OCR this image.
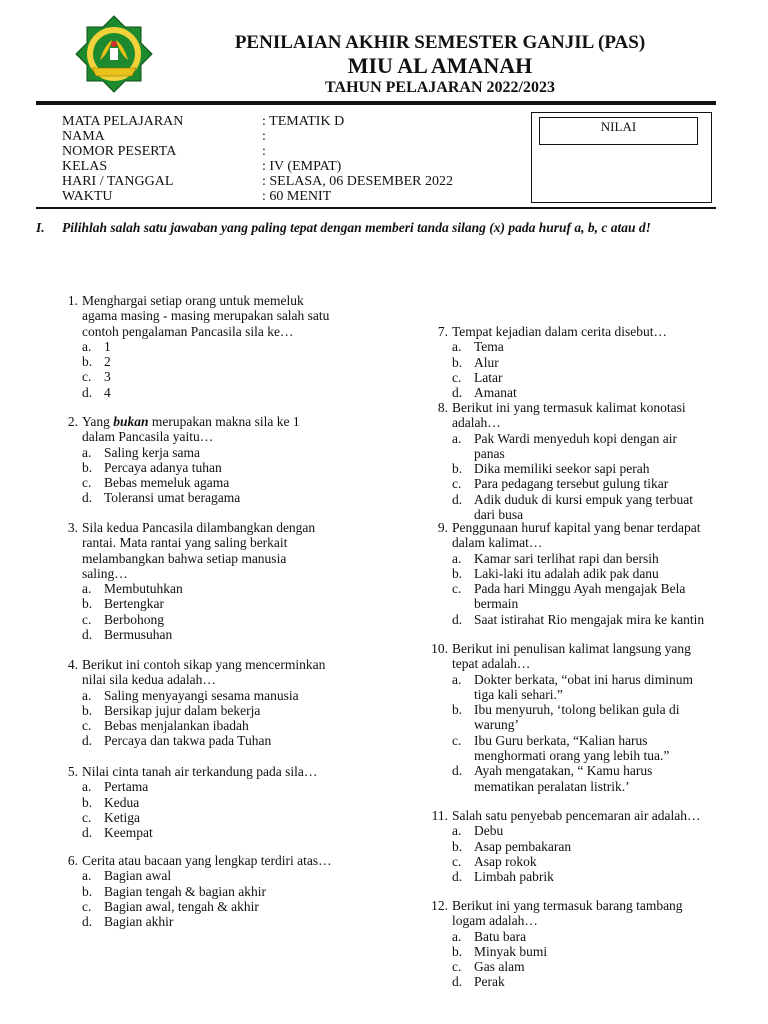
PENILAIAN AKHIR SEMESTER GANJIL (PAS)
MIU AL AMANAH
TAHUN PELAJARAN 2022/2023
MATA PELAJARAN	: TEMATIK D
NAMA	:
NOMOR PESERTA	:
KELAS	: IV (EMPAT)
HARI / TANGGAL	: SELASA, 06 DESEMBER 2022
WAKTU	: 60 MENIT
NILAI
I. Pilihlah salah satu jawaban yang paling tepat dengan memberi tanda silang (x) pada huruf a, b, c atau d!
1. Menghargai setiap orang untuk memeluk
agama masing - masing merupakan salah satu
contoh pengalaman Pancasila sila ke…
a. 1
b. 2
c. 3
d. 4
2. Yang bukan merupakan makna sila ke 1
dalam Pancasila yaitu…
a. Saling kerja sama
b. Percaya adanya tuhan
c. Bebas memeluk agama
d. Toleransi umat beragama
3. Sila kedua Pancasila dilambangkan dengan
rantai. Mata rantai yang saling berkait
melambangkan bahwa setiap manusia
saling…
a. Membutuhkan
b. Bertengkar
c. Berbohong
d. Bermusuhan
4. Berikut ini contoh sikap yang mencerminkan
nilai sila kedua adalah…
a. Saling menyayangi sesama manusia
b. Bersikap jujur dalam bekerja
c. Bebas menjalankan ibadah
d. Percaya dan takwa pada Tuhan
5. Nilai cinta tanah air terkandung pada sila…
a. Pertama
b. Kedua
c. Ketiga
d. Keempat
6. Cerita atau bacaan yang lengkap terdiri atas…
a. Bagian awal
b. Bagian tengah & bagian akhir
c. Bagian awal, tengah & akhir
d. Bagian akhir
7. Tempat kejadian dalam cerita disebut…
a. Tema
b. Alur
c. Latar
d. Amanat
8. Berikut ini yang termasuk kalimat konotasi
adalah…
a. Pak Wardi menyeduh kopi dengan air
panas
b. Dika memiliki seekor sapi perah
c. Para pedagang tersebut gulung tikar
d. Adik duduk di kursi empuk yang terbuat
dari busa
9. Penggunaan huruf kapital yang benar terdapat
dalam kalimat…
a. Kamar sari terlihat rapi dan bersih
b. Laki-laki itu adalah adik pak danu
c. Pada hari Minggu Ayah mengajak Bela
bermain
d. Saat istirahat Rio mengajak mira ke kantin
10. Berikut ini penulisan kalimat langsung yang
tepat adalah…
a. Dokter berkata, “obat ini harus diminum
tiga kali sehari.”
b. Ibu menyuruh, ‘tolong belikan gula di
warung’
c. Ibu Guru berkata, “Kalian harus
menghormati orang yang lebih tua.”
d. Ayah mengatakan, “ Kamu harus
mematikan peralatan listrik.’
11. Salah satu penyebab pencemaran air adalah…
a. Debu
b. Asap pembakaran
c. Asap rokok
d. Limbah pabrik
12. Berikut ini yang termasuk barang tambang
logam adalah…
a. Batu bara
b. Minyak bumi
c. Gas alam
d. Perak
